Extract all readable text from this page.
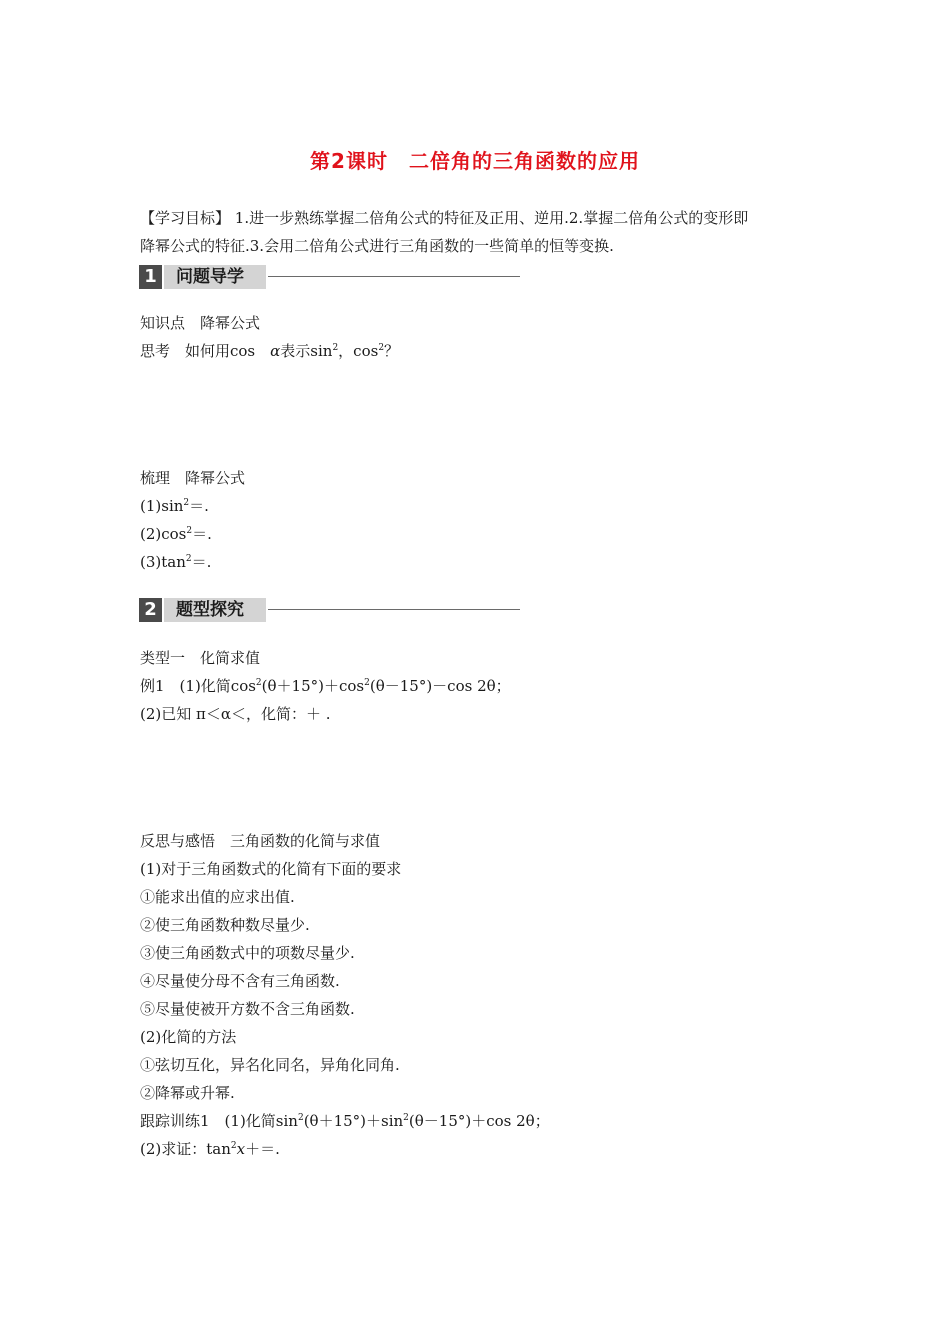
第2课时　二倍角的三角函数的应用
【学习目标】 1.进一步熟练掌握二倍角公式的特征及正用、逆用.2.掌握二倍角公式的变形即
降幂公式的特征.3.会用二倍角公式进行三角函数的一些简单的恒等变换.
1	问题导学
知识点　降幂公式
思考　如何用cos　α表示$\sin^2$，$\cos^2$？
梳理　降幂公式
$(1)\sin^2=$.
$(2)\cos^2=$.
$(3)\tan^2=$.
2	题型探究
类型一　化简求值
例1　(1)化简$\cos^2(\theta+15^\circ)+\cos^2(\theta-15^\circ)-\cos$ 2θ；
(2)已知 π＜α＜，化简：＋ .
反思与感悟　三角函数的化简与求值
(1)对于三角函数式的化简有下面的要求
①能求出值的应求出值.
②使三角函数种数尽量少.
③使三角函数式中的项数尽量少.
④尽量使分母不含有三角函数.
⑤尽量使被开方数不含三角函数.
(2)化简的方法
①弦切互化，异名化同名，异角化同角.
②降幂或升幂.
跟踪训练1　(1)化简$\sin^2(\theta+15^\circ)+\sin^2(\theta-15^\circ)+\cos$ 2θ；
(2)求证：$\tan^2x+=$.
